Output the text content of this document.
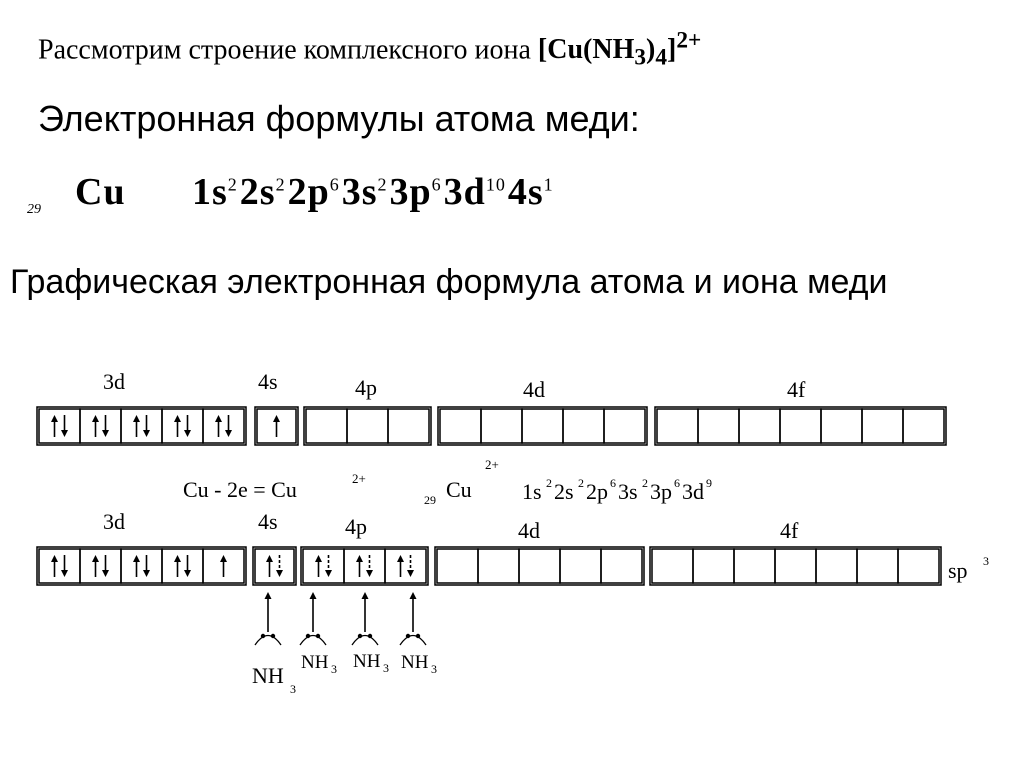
Рассмотрим строение комплексного иона $[Cu(NH_3)_4]^{2+}$
Электронная формулы атома меди:
29 Cu $1s^2$ $2s^2$ $2p^6$ $3s^2$ $3p^6$ $3d^{10}$ $4s^1$
Графическая электронная формула атома и иона меди
3d	4s	4p	4d	4f
Cu - 2e = Cu	2+
29 Cu
2+
1s 2 2s 2 2p 6 3s 2 3p 6 3d 9
3d	4s	4p	4d	4f
sp 3
NH
3
NH 3 NH 3 NH 3
